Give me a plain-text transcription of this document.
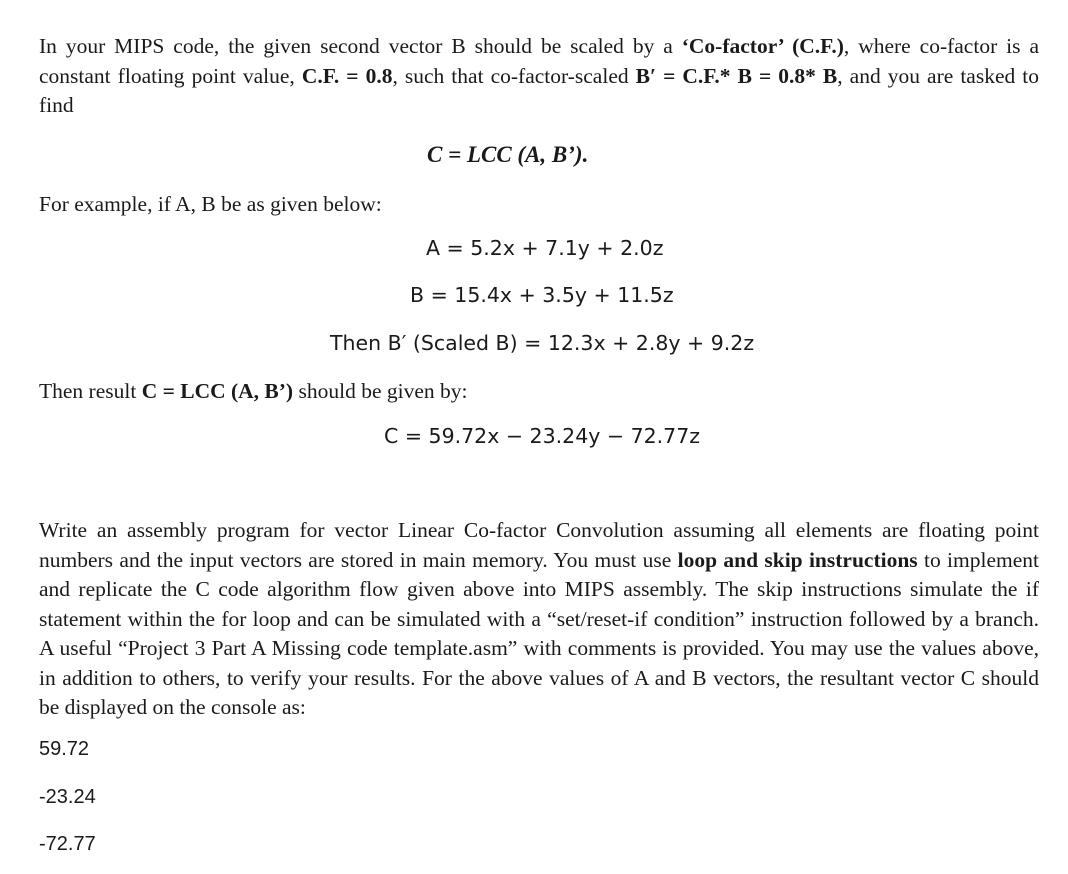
In your MIPS code, the given second vector B should be scaled by a ‘Co-factor’ (C.F.), where co-factor is a constant floating point value, C.F. = 0.8, such that co-factor-scaled B′ = C.F.* B = 0.8* B, and you are tasked to find

C = LCC (A, B’).

For example, if A, B be as given below:

A = 5.2x + 7.1y + 2.0z
B = 15.4x + 3.5y + 11.5z
Then B′ (Scaled B) = 12.3x + 2.8y + 9.2z

Then result C = LCC (A, B’) should be given by:

C = 59.72x − 23.24y − 72.77z

Write an assembly program for vector Linear Co-factor Convolution assuming all elements are floating point numbers and the input vectors are stored in main memory. You must use loop and skip instructions to implement and replicate the C code algorithm flow given above into MIPS assembly. The skip instructions simulate the if statement within the for loop and can be simulated with a “set/reset-if condition” instruction followed by a branch. A useful “Project 3 Part A Missing code template.asm” with comments is provided. You may use the values above, in addition to others, to verify your results. For the above values of A and B vectors, the resultant vector C should be displayed on the console as:

59.72
-23.24
-72.77
